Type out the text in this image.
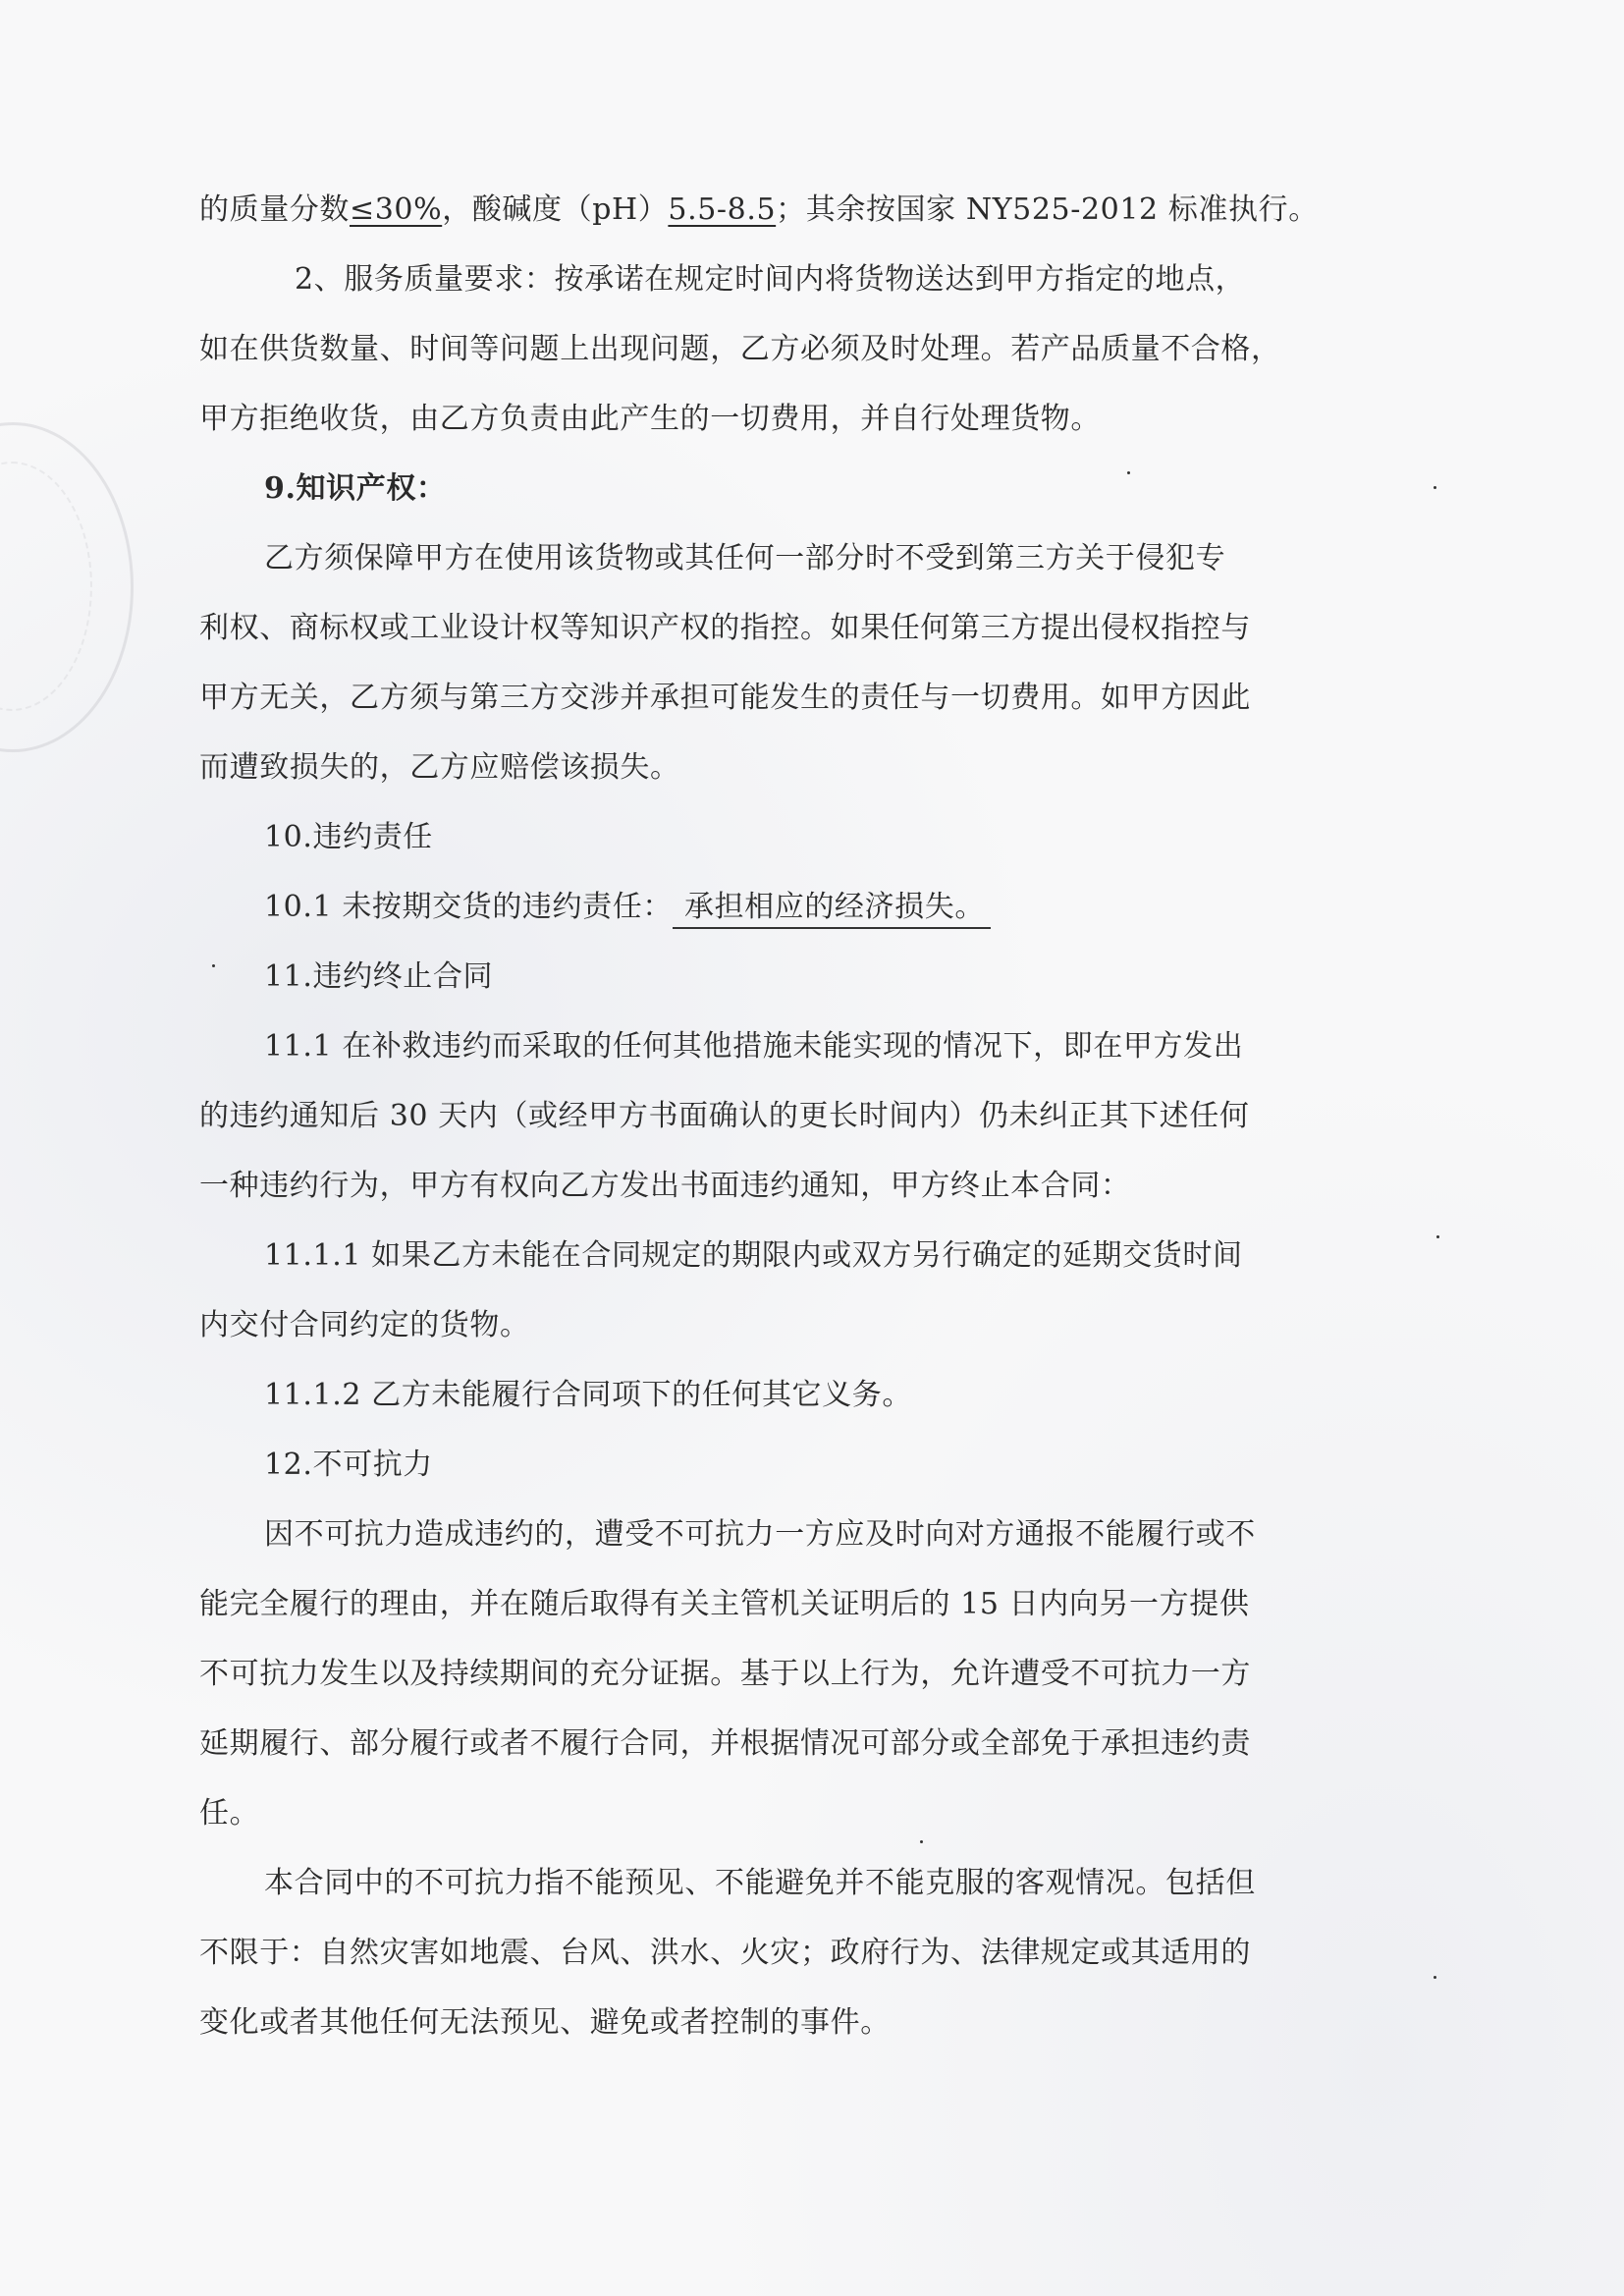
的质量分数≤30%，酸碱度（pH）5.5-8.5；其余按国家 NY525-2012 标准执行。
2、服务质量要求：按承诺在规定时间内将货物送达到甲方指定的地点，
如在供货数量、时间等问题上出现问题，乙方必须及时处理。若产品质量不合格，
甲方拒绝收货，由乙方负责由此产生的一切费用，并自行处理货物。
9.知识产权：
乙方须保障甲方在使用该货物或其任何一部分时不受到第三方关于侵犯专
利权、商标权或工业设计权等知识产权的指控。如果任何第三方提出侵权指控与
甲方无关，乙方须与第三方交涉并承担可能发生的责任与一切费用。如甲方因此
而遭致损失的，乙方应赔偿该损失。
10.违约责任
10.1 未按期交货的违约责任： 承担相应的经济损失。
11.违约终止合同
11.1 在补救违约而采取的任何其他措施未能实现的情况下，即在甲方发出
的违约通知后 30 天内（或经甲方书面确认的更长时间内）仍未纠正其下述任何
一种违约行为，甲方有权向乙方发出书面违约通知，甲方终止本合同：
11.1.1 如果乙方未能在合同规定的期限内或双方另行确定的延期交货时间
内交付合同约定的货物。
11.1.2 乙方未能履行合同项下的任何其它义务。
12.不可抗力
因不可抗力造成违约的，遭受不可抗力一方应及时向对方通报不能履行或不
能完全履行的理由，并在随后取得有关主管机关证明后的 15 日内向另一方提供
不可抗力发生以及持续期间的充分证据。基于以上行为，允许遭受不可抗力一方
延期履行、部分履行或者不履行合同，并根据情况可部分或全部免于承担违约责
任。
本合同中的不可抗力指不能预见、不能避免并不能克服的客观情况。包括但
不限于：自然灾害如地震、台风、洪水、火灾；政府行为、法律规定或其适用的
变化或者其他任何无法预见、避免或者控制的事件。
